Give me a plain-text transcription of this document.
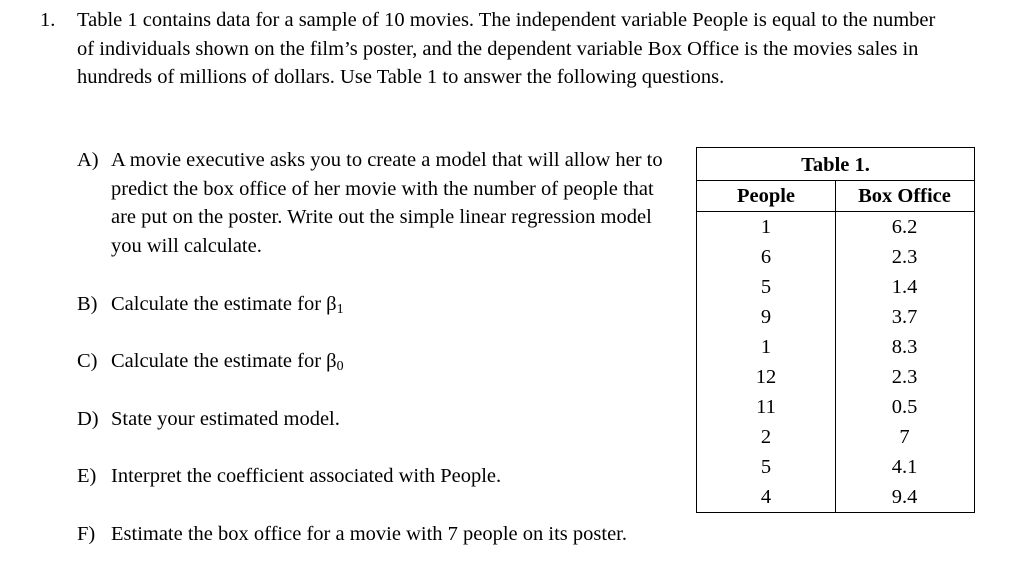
1. Table 1 contains data for a sample of 10 movies. The independent variable People is equal to the number of individuals shown on the film’s poster, and the dependent variable Box Office is the movies sales in hundreds of millions of dollars. Use Table 1 to answer the following questions.
A) A movie executive asks you to create a model that will allow her to predict the box office of her movie with the number of people that are put on the poster. Write out the simple linear regression model you will calculate.
B) Calculate the estimate for $\beta_1$
C) Calculate the estimate for $\beta_0$
D) State your estimated model.
E) Interpret the coefficient associated with People.
F) Estimate the box office for a movie with 7 people on its poster.
Table 1.
People	Box Office
1
6
5
9
1
12
11
2
5
4
6.2
2.3
1.4
3.7
8.3
2.3
0.5
7
4.1
9.4
